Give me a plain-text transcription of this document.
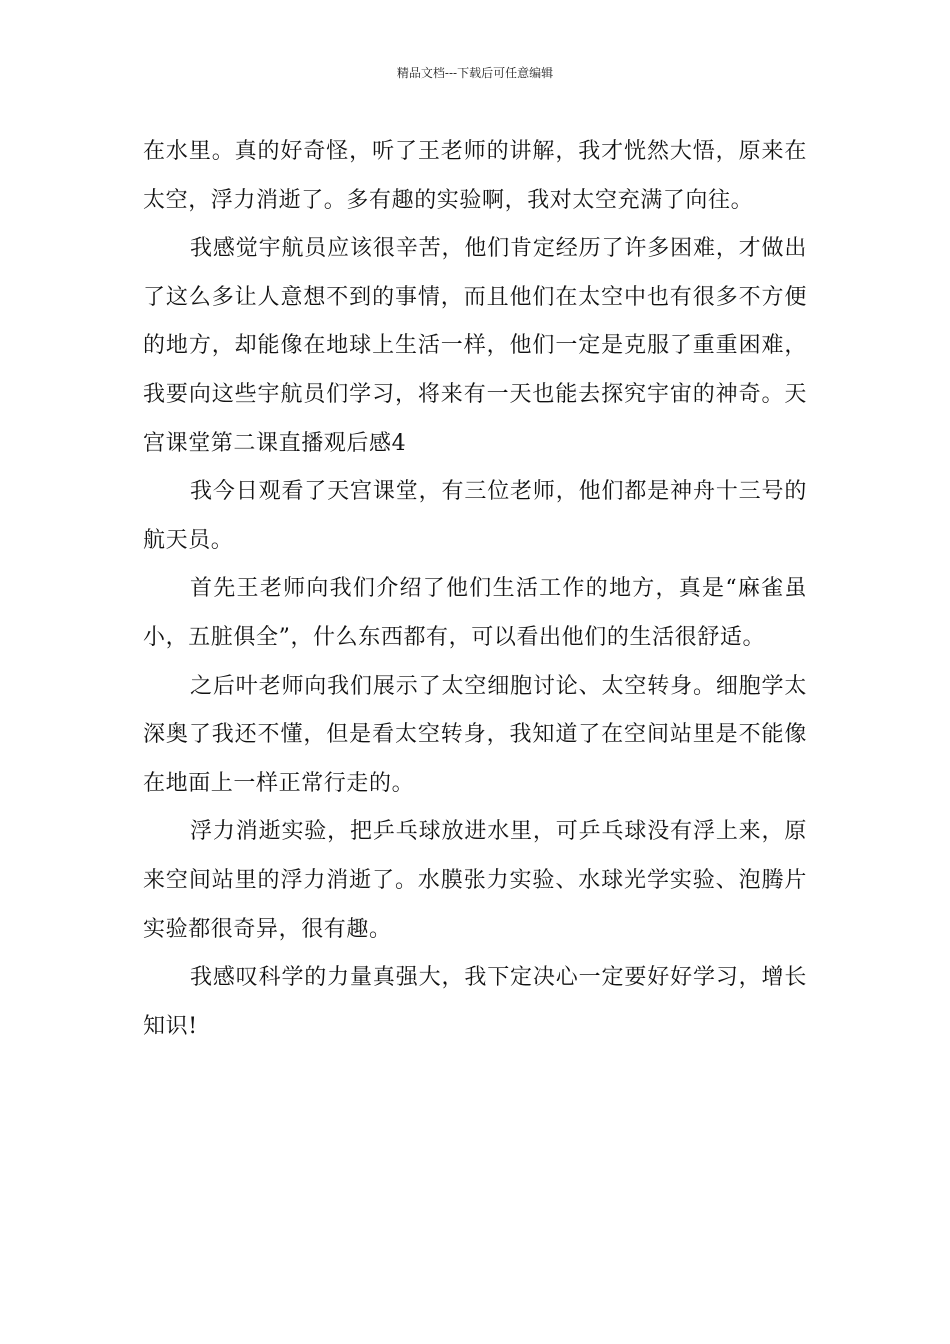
精品文档---下载后可任意编辑

在水里。真的好奇怪，听了王老师的讲解，我才恍然大悟，原来在太空，浮力消逝了。多有趣的实验啊，我对太空充满了向往。

我感觉宇航员应该很辛苦，他们肯定经历了许多困难，才做出了这么多让人意想不到的事情，而且他们在太空中也有很多不方便的地方，却能像在地球上生活一样，他们一定是克服了重重困难，我要向这些宇航员们学习，将来有一天也能去探究宇宙的神奇。天宫课堂第二课直播观后感4

我今日观看了天宫课堂，有三位老师，他们都是神舟十三号的航天员。

首先王老师向我们介绍了他们生活工作的地方，真是“麻雀虽小，五脏俱全”，什么东西都有，可以看出他们的生活很舒适。

之后叶老师向我们展示了太空细胞讨论、太空转身。细胞学太深奥了我还不懂，但是看太空转身，我知道了在空间站里是不能像在地面上一样正常行走的。

浮力消逝实验，把乒乓球放进水里，可乒乓球没有浮上来，原来空间站里的浮力消逝了。水膜张力实验、水球光学实验、泡腾片实验都很奇异，很有趣。

我感叹科学的力量真强大，我下定决心一定要好好学习，增长知识!
